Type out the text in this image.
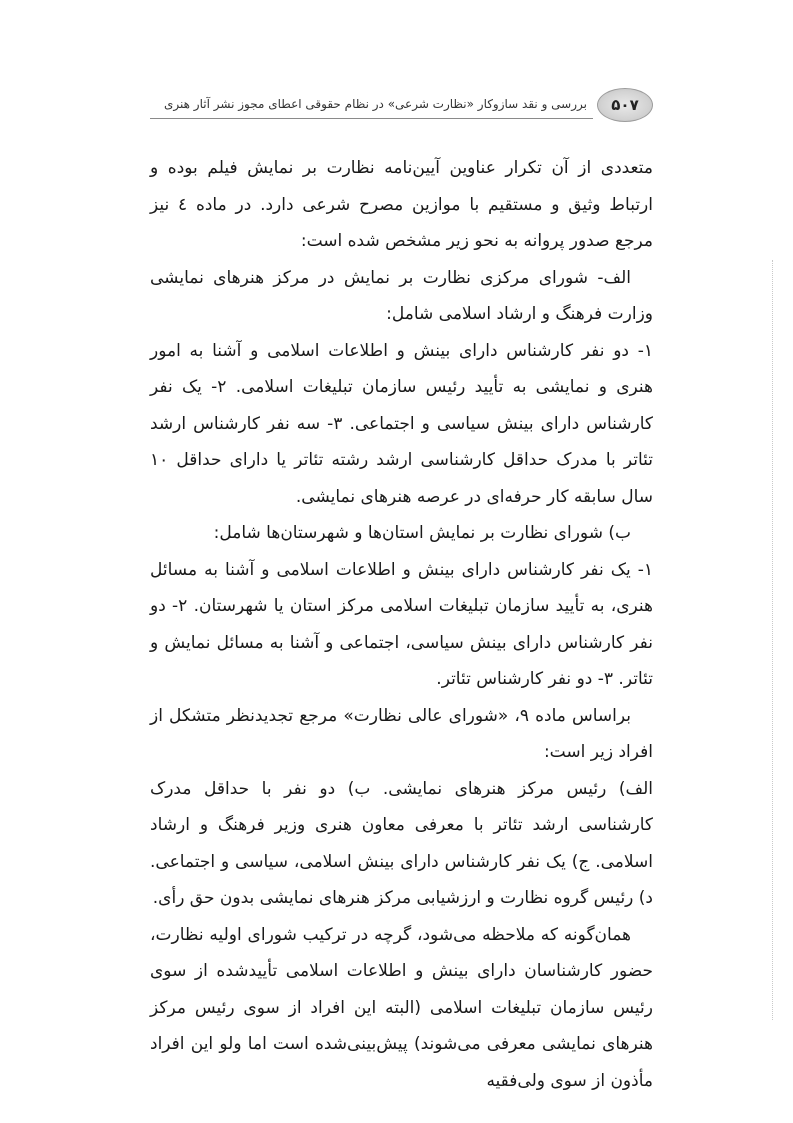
۵۰۷
بررسی و نقد سازوکار «نظارت شرعی» در نظام حقوقی اعطای مجوز نشر آثار هنری

متعددی از آن تکرار عناوین آیین‌نامه نظارت بر نمایش فیلم بوده و ارتباط وثیق و مستقیم با موازین مصرح شرعی دارد. در ماده ٤ نیز مرجع صدور پروانه به نحو زیر مشخص شده است:

الف- شورای مرکزی نظارت بر نمایش در مرکز هنرهای نمایشی وزارت فرهنگ و ارشاد اسلامی شامل:

۱- دو نفر کارشناس دارای بینش و اطلاعات اسلامی و آشنا به امور هنری و نمایشی به تأیید رئیس سازمان تبلیغات اسلامی. ۲- یک نفر کارشناس دارای بینش سیاسی و اجتماعی. ۳- سه نفر کارشناس ارشد تئاتر با مدرک حداقل کارشناسی ارشد رشته تئاتر یا دارای حداقل ۱۰ سال سابقه کار حرفه‌ای در عرصه هنرهای نمایشی.

ب) شورای نظارت بر نمایش استان‌ها و شهرستان‌ها شامل:

۱- یک نفر کارشناس دارای بینش و اطلاعات اسلامی و آشنا به مسائل هنری، به تأیید سازمان تبلیغات اسلامی مرکز استان یا شهرستان. ۲- دو نفر کارشناس دارای بینش سیاسی، اجتماعی و آشنا به مسائل نمایش و تئاتر. ۳- دو نفر کارشناس تئاتر.

براساس ماده ۹، «شورای عالی نظارت» مرجع تجدیدنظر متشکل از افراد زیر است:

الف) رئیس مرکز هنرهای نمایشی. ب) دو نفر با حداقل مدرک کارشناسی ارشد تئاتر با معرفی معاون هنری وزیر فرهنگ و ارشاد اسلامی. ج) یک نفر کارشناس دارای بینش اسلامی، سیاسی و اجتماعی. د) رئیس گروه نظارت و ارزشیابی مرکز هنرهای نمایشی بدون حق رأی.

همان‌گونه که ملاحظه می‌شود، گرچه در ترکیب شورای اولیه نظارت، حضور کارشناسان دارای بینش و اطلاعات اسلامی تأییدشده از سوی رئیس سازمان تبلیغات اسلامی (البته این افراد از سوی رئیس مرکز هنرهای نمایشی معرفی می‌شوند) پیش‌بینی‌شده است اما ولو این افراد مأذون از سوی ولی‌فقیه
